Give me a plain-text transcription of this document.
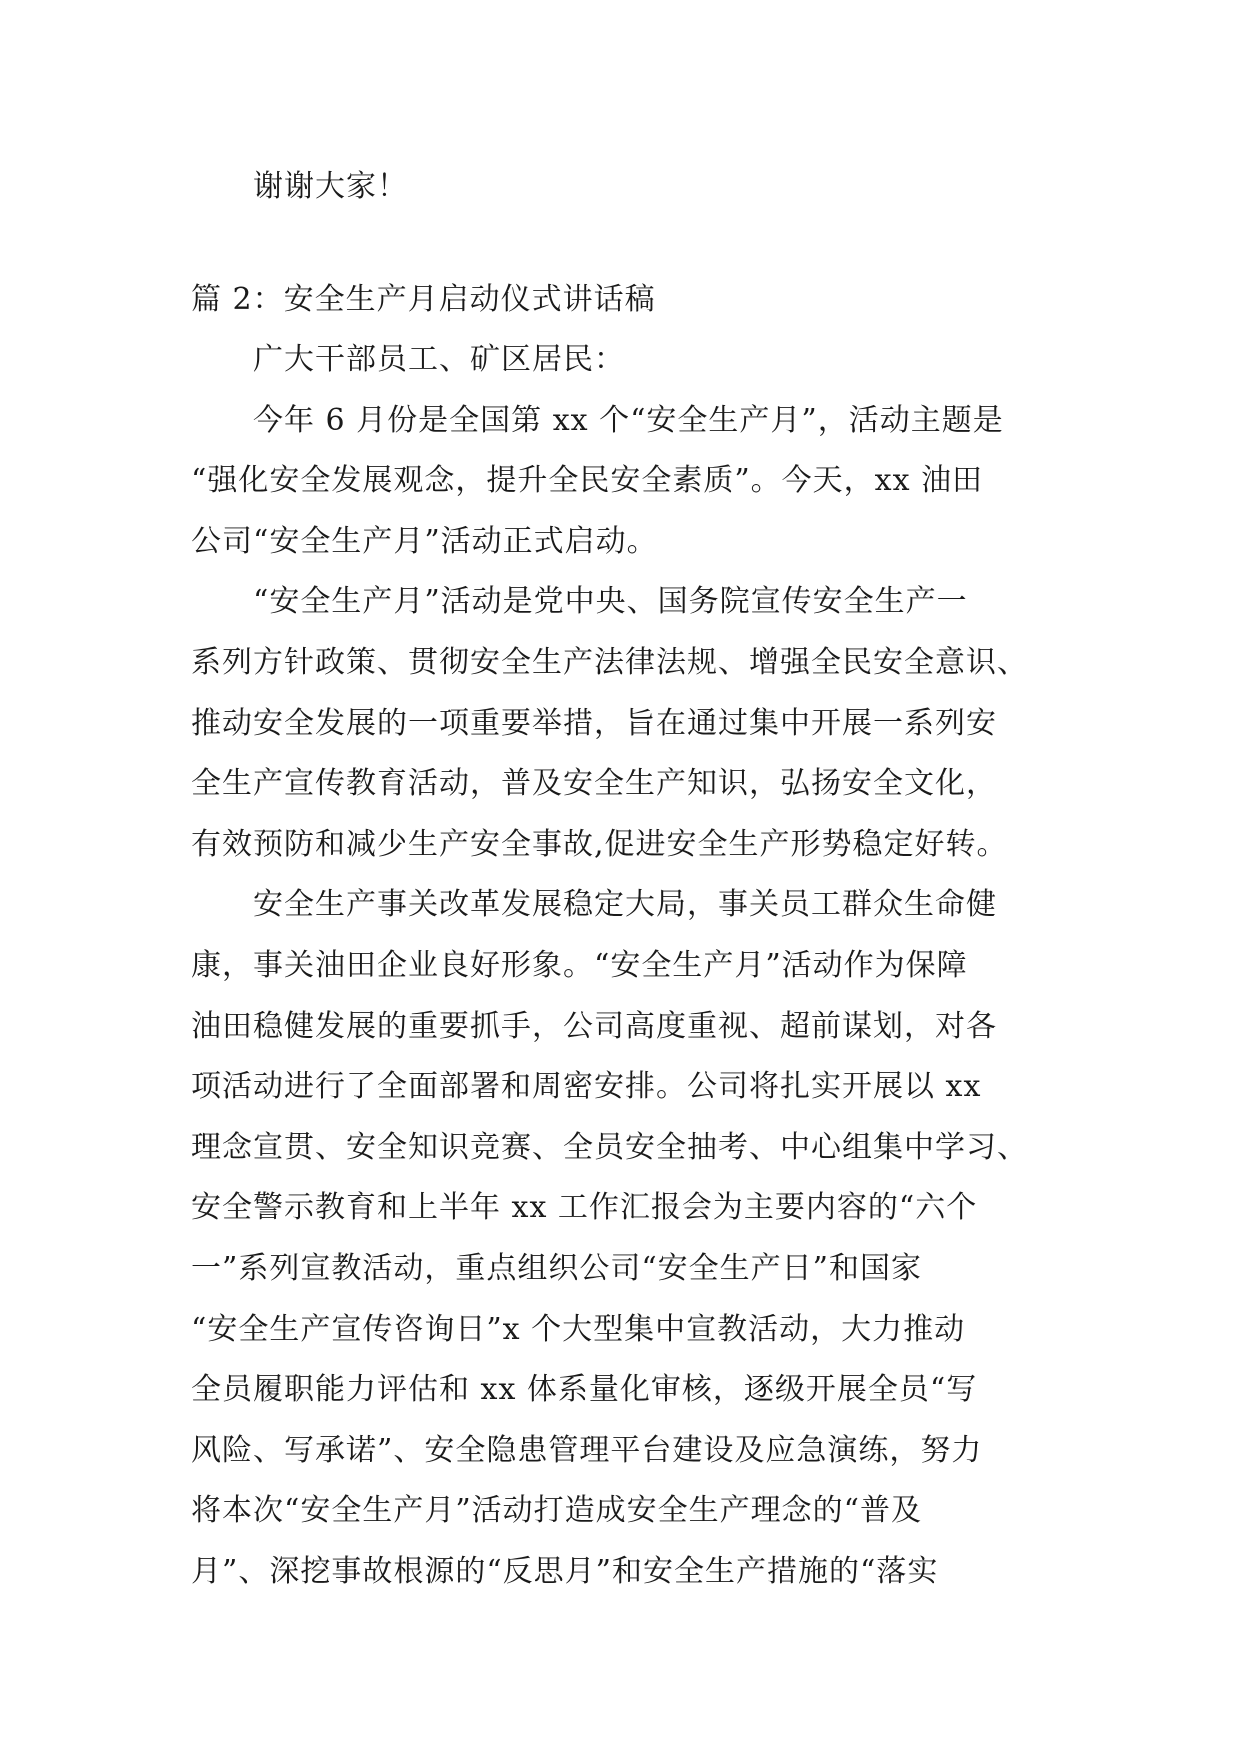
　　谢谢大家！
篇 2：安全生产月启动仪式讲话稿
　　广大干部员工、矿区居民：
　　今年 6 月份是全国第 xx 个“安全生产月”，活动主题是
“强化安全发展观念，提升全民安全素质”。今天，xx 油田
公司“安全生产月”活动正式启动。
　　“安全生产月”活动是党中央、国务院宣传安全生产一
系列方针政策、贯彻安全生产法律法规、增强全民安全意识、
推动安全发展的一项重要举措，旨在通过集中开展一系列安
全生产宣传教育活动，普及安全生产知识，弘扬安全文化，
有效预防和减少生产安全事故,促进安全生产形势稳定好转。
　　安全生产事关改革发展稳定大局，事关员工群众生命健
康，事关油田企业良好形象。“安全生产月”活动作为保障
油田稳健发展的重要抓手，公司高度重视、超前谋划，对各
项活动进行了全面部署和周密安排。公司将扎实开展以 xx
理念宣贯、安全知识竞赛、全员安全抽考、中心组集中学习、
安全警示教育和上半年 xx 工作汇报会为主要内容的“六个
一”系列宣教活动，重点组织公司“安全生产日”和国家
“安全生产宣传咨询日”x 个大型集中宣教活动，大力推动
全员履职能力评估和 xx 体系量化审核，逐级开展全员“写
风险、写承诺”、安全隐患管理平台建设及应急演练，努力
将本次“安全生产月”活动打造成安全生产理念的“普及
月”、深挖事故根源的“反思月”和安全生产措施的“落实
